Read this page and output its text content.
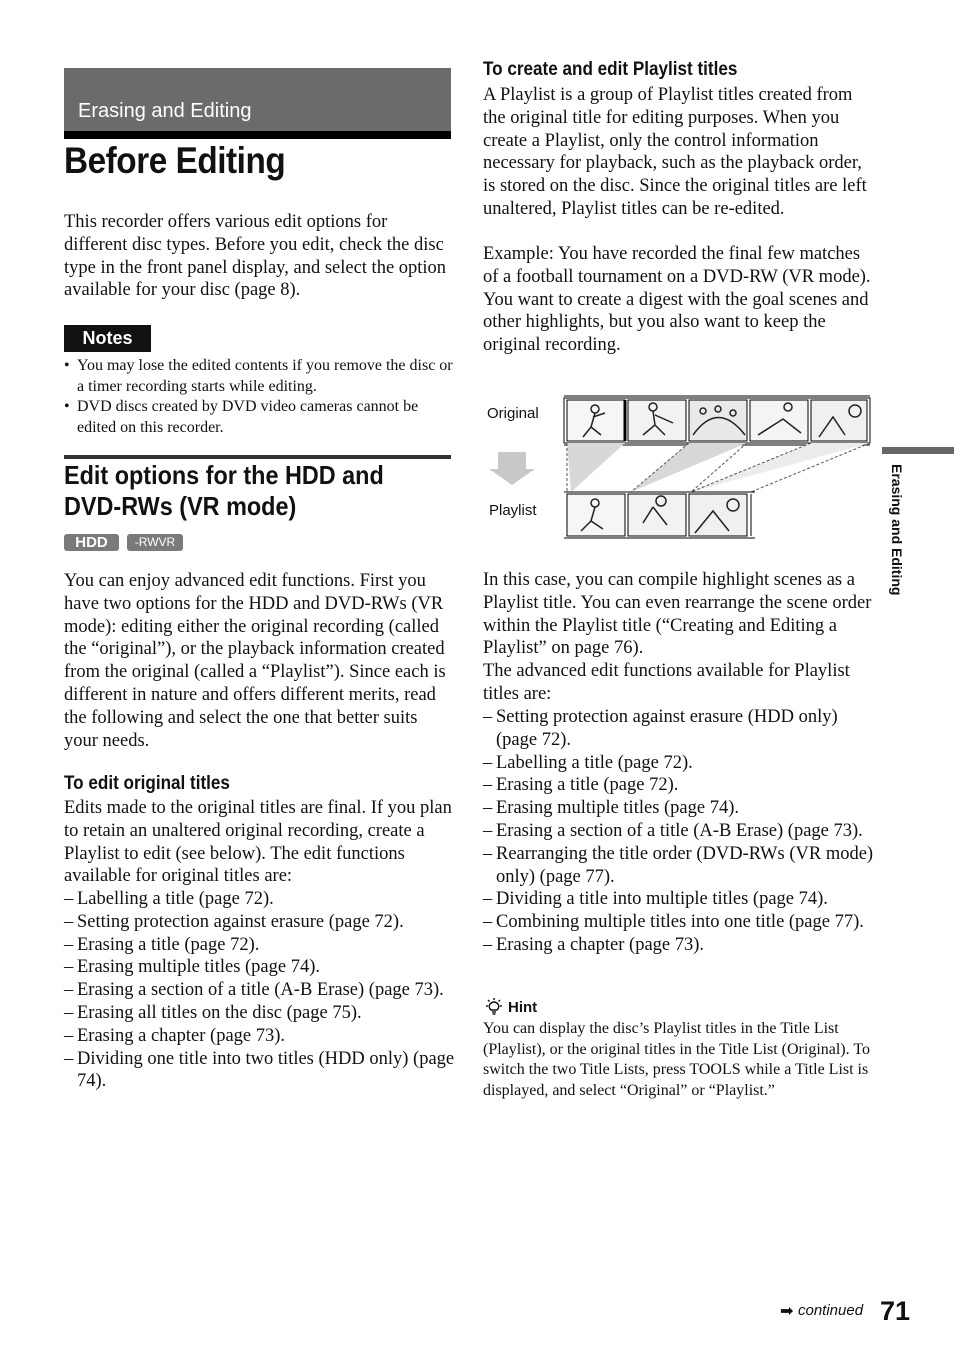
Erasing and Editing
Before Editing
This recorder offers various edit options for different disc types. Before you edit, check the disc type in the front panel display, and select the option available for your disc (page 8).
Notes
• You may lose the edited contents if you remove the disc or a timer recording starts while editing.
• DVD discs created by DVD video cameras cannot be edited on this recorder.
Edit options for the HDD and DVD-RWs (VR mode)
HDD	-RWVR
You can enjoy advanced edit functions. First you have two options for the HDD and DVD-RWs (VR mode): editing either the original recording (called the “original”), or the playback information created from the original (called a “Playlist”). Since each is different in nature and offers different merits, read the following and select the one that better suits your needs.
To edit original titles
Edits made to the original titles are final. If you plan to retain an unaltered original recording, create a Playlist to edit (see below). The edit functions available for original titles are:
– Labelling a title (page 72).
– Setting protection against erasure (page 72).
– Erasing a title (page 72).
– Erasing multiple titles (page 74).
– Erasing a section of a title (A-B Erase) (page 73).
– Erasing all titles on the disc (page 75).
– Erasing a chapter (page 73).
– Dividing one title into two titles (HDD only) (page 74).
To create and edit Playlist titles
A Playlist is a group of Playlist titles created from the original title for editing purposes. When you create a Playlist, only the control information necessary for playback, such as the playback order, is stored on the disc. Since the original titles are left unaltered, Playlist titles can be re-edited.
Example: You have recorded the final few matches of a football tournament on a DVD-RW (VR mode). You want to create a digest with the goal scenes and other highlights, but you also want to keep the original recording.
Original
Playlist
In this case, you can compile highlight scenes as a Playlist title. You can even rearrange the scene order within the Playlist title (“Creating and Editing a Playlist” on page 76).
The advanced edit functions available for Playlist titles are:
– Setting protection against erasure (HDD only) (page 72).
– Labelling a title (page 72).
– Erasing a title (page 72).
– Erasing multiple titles (page 74).
– Erasing a section of a title (A-B Erase) (page 73).
– Rearranging the title order (DVD-RWs (VR mode) only) (page 77).
– Dividing a title into multiple titles (page 74).
– Combining multiple titles into one title (page 77).
– Erasing a chapter (page 73).
Hint
You can display the disc’s Playlist titles in the Title List (Playlist), or the original titles in the Title List (Original). To switch the two Title Lists, press TOOLS while a Title List is displayed, and select “Original” or “Playlist.”
Erasing and Editing
➡ continued 71
